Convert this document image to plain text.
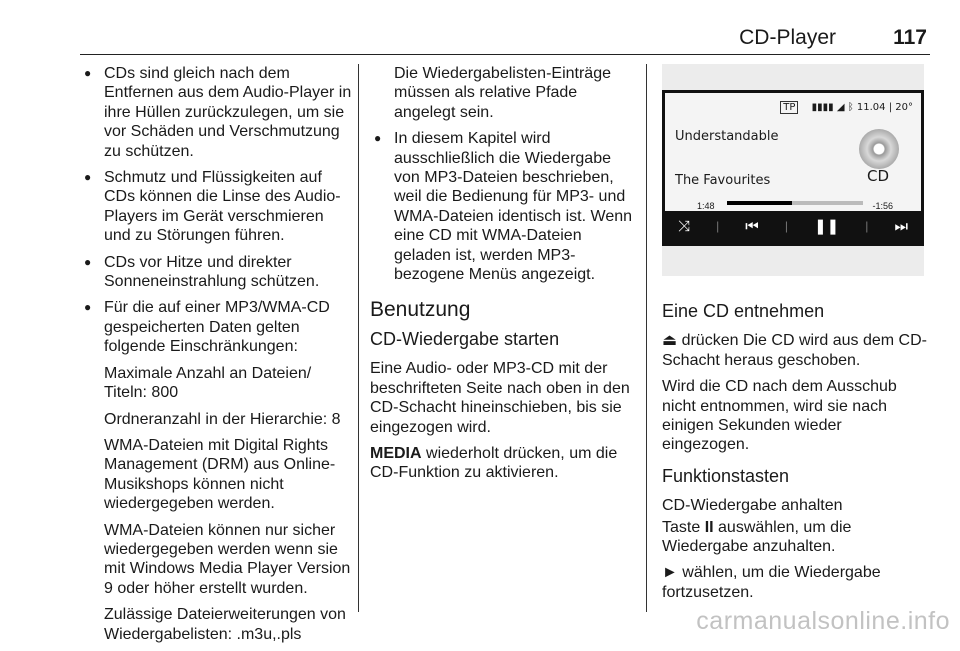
CD-Player	117
● CDs sind gleich nach dem Entfernen aus dem Audio-Player in ihre Hüllen zurückzulegen, um sie vor Schäden und Verschmutzung zu schützen.
● Schmutz und Flüssigkeiten auf CDs können die Linse des Audio-Players im Gerät verschmieren und zu Störungen führen.
● CDs vor Hitze und direkter Sonneneinstrahlung schützen.
● Für die auf einer MP3/WMA-CD gespeicherten Daten gelten folgende Einschränkungen:
Maximale Anzahl an Dateien/ Titeln: 800
Ordneranzahl in der Hierarchie: 8
WMA-Dateien mit Digital Rights Management (DRM) aus Online-Musikshops können nicht wiedergegeben werden.
WMA-Dateien können nur sicher wiedergegeben werden wenn sie mit Windows Media Player Version 9 oder höher erstellt wurden.
Zulässige Dateierweiterungen von Wiedergabelisten: .m3u,.pls
Die Wiedergabelisten-Einträge müssen als relative Pfade angelegt sein.
● In diesem Kapitel wird ausschließlich die Wiedergabe von MP3-Dateien beschrieben, weil die Bedienung für MP3- und WMA-Dateien identisch ist. Wenn eine CD mit WMA-Dateien geladen ist, werden MP3-bezogene Menüs angezeigt.
Benutzung
CD-Wiedergabe starten
Eine Audio- oder MP3-CD mit der beschrifteten Seite nach oben in den CD-Schacht hineinschieben, bis sie eingezogen wird.
MEDIA wiederholt drücken, um die CD-Funktion zu aktivieren.
TP ▮▮▮▮ ◢ ᛒ 11.04 | 20°
Understandable
The Favourites	CD
1:48	-1:56
⤨ | ⏮ | ❚❚ | ⏭
Eine CD entnehmen
⏏ drücken Die CD wird aus dem CD-Schacht heraus geschoben.
Wird die CD nach dem Ausschub nicht entnommen, wird sie nach einigen Sekunden wieder eingezogen.
Funktionstasten
CD-Wiedergabe anhalten
Taste II auswählen, um die Wiedergabe anzuhalten.
► wählen, um die Wiedergabe fortzusetzen.
carmanualsonline.info
